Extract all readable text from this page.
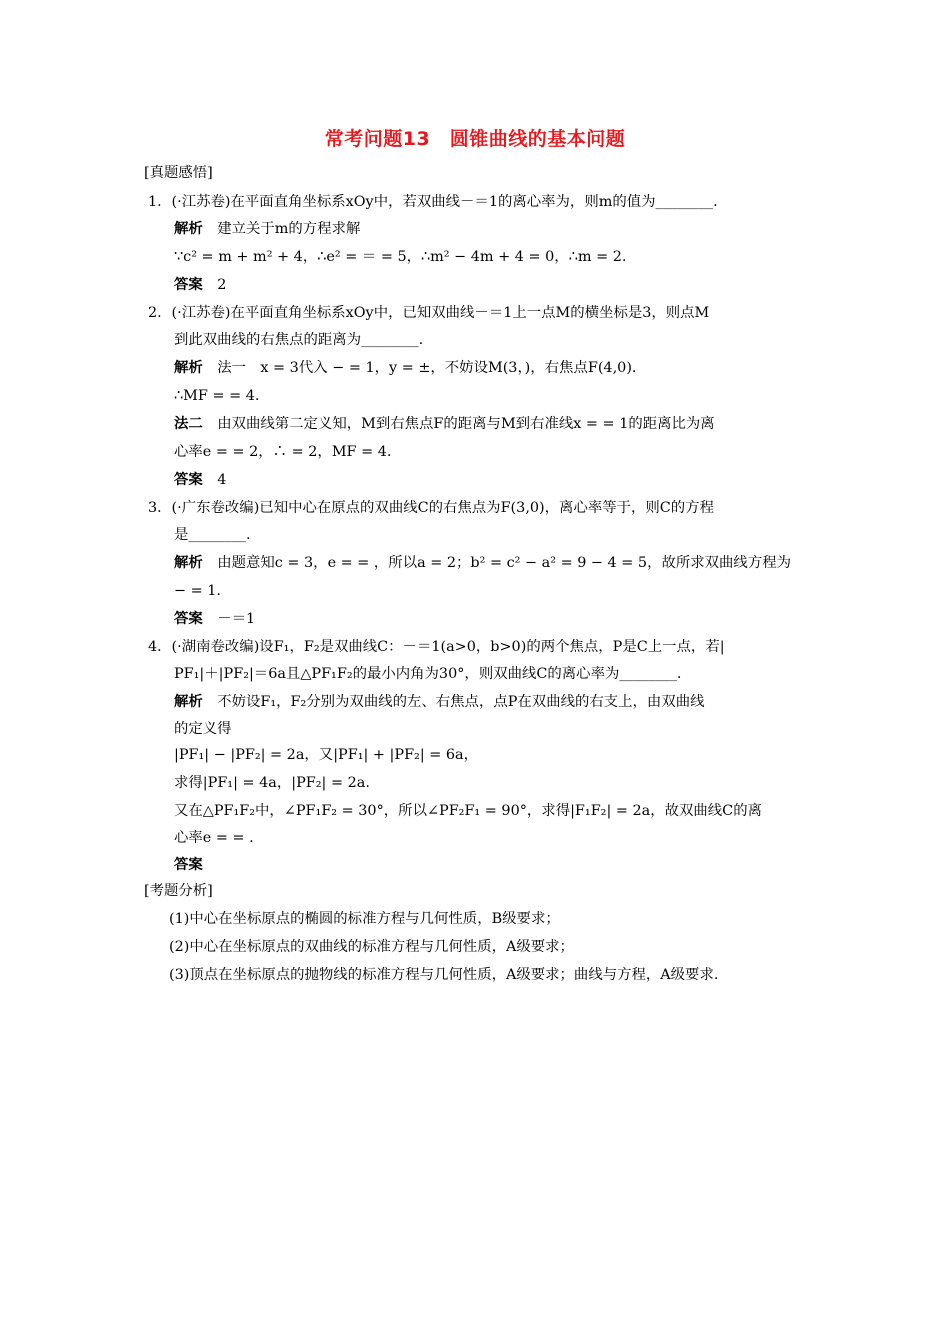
常考问题13　圆锥曲线的基本问题
[真题感悟]
1．(·江苏卷)在平面直角坐标系xOy中，若双曲线－＝1的离心率为，则m的值为________.
解析　建立关于m的方程求解
∵c² = m + m² + 4，∴e² = ＝ = 5，∴m² − 4m + 4 = 0，∴m = 2.
答案　2
2．(·江苏卷)在平面直角坐标系xOy中，已知双曲线－＝1上一点M的横坐标是3，则点M
到此双曲线的右焦点的距离为________.
解析　法一　x = 3代入 − = 1，y = ±，不妨设M(3，)，右焦点F(4,0).
∴MF = = 4.
法二　由双曲线第二定义知，M到右焦点F的距离与M到右准线x = = 1的距离比为离
心率e = = 2，∴ = 2，MF = 4.
答案　4
3．(·广东卷改编)已知中心在原点的双曲线C的右焦点为F(3,0)，离心率等于，则C的方程
是________.
解析　由题意知c = 3，e = = ，所以a = 2；b² = c² − a² = 9 − 4 = 5，故所求双曲线方程为
− = 1.
答案　－＝1
4．(·湖南卷改编)设F₁，F₂是双曲线C：－＝1(a>0，b>0)的两个焦点，P是C上一点，若|
PF₁|＋|PF₂|＝6a且△PF₁F₂的最小内角为30°，则双曲线C的离心率为________.
解析　不妨设F₁，F₂分别为双曲线的左、右焦点，点P在双曲线的右支上，由双曲线
的定义得
|PF₁| − |PF₂| = 2a，又|PF₁| + |PF₂| = 6a，
求得|PF₁| = 4a，|PF₂| = 2a.
又在△PF₁F₂中，∠PF₁F₂ = 30°，所以∠PF₂F₁ = 90°，求得|F₁F₂| = 2a，故双曲线C的离
心率e = = .
答案
[考题分析]
(1)中心在坐标原点的椭圆的标准方程与几何性质，B级要求；
(2)中心在坐标原点的双曲线的标准方程与几何性质，A级要求；
(3)顶点在坐标原点的抛物线的标准方程与几何性质，A级要求；曲线与方程，A级要求.
